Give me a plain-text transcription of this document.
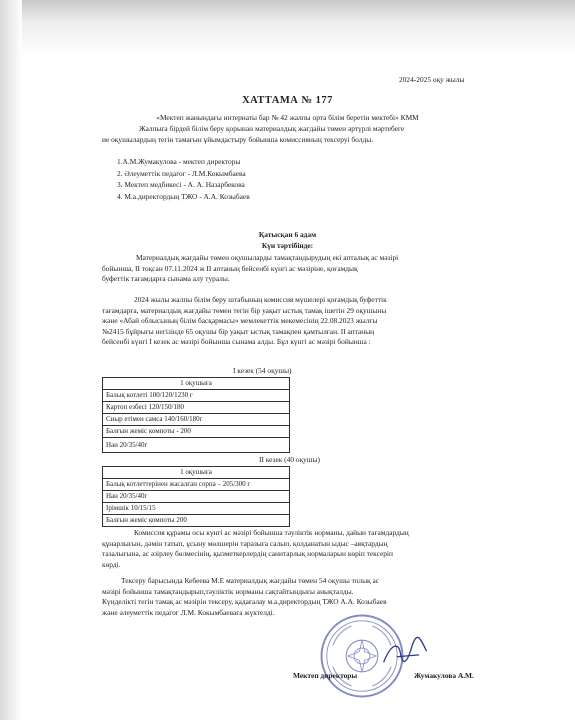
2024-2025 оқу жылы
ХАТТАМА № 177
«Мектеп жанындағы интернаты бар № 42 жалпы орта білім беретін мектебі» КММ
Жалпыға бірдей білім беру қорынан материалдық жағдайы төмен әртүрлі мәртебеге
ие оқушылардың тегін тамағын ұйымдастыру бойынша комиссияның тексеруі болды.
1.А.М.Жумакулова - мектеп директоры
2. Әлеуметтік педагог - Л.М.Кокымбаева
3. Мектеп медбикесі - А. А. Назарбекова
4. М.а.директордың ТЖО - А.А. Козыбаев
Қатысқан 6 адам
Күн тәртібінде:
Материалдық жағдайы төмен оқушыларды тамақтандырудың екі апталық ас мәзірі
бойынша, II тоқсан 07.11.2024 ж II аптаның бейсенбі күнгі ас мәзіріне, қоғамдық
буфеттік тағамдарға сынама алу туралы.
2024 жылы жалпы білім беру штабының комиссия мүшелері қоғамдық буфеттік
тағамдарға, материалдық жағдайы төмен тегін бір уақыт ыстық тамақ ішетін 29 оқушыны
және «Абай облысының білім басқармасы» мемлекеттік мекемесінің 22.08.2023 жылғы
№2415 бұйрығы негізінде 65 оқушы бір уақыт ыстық тамақпен қамтылған. II аптаның
бейсенбі күнгі I кезек ас мәзірі бойынша сынама алды. Бұл күнгі ас мәзірі бойынша :
I кезек (54 оқушы)
1 оқушыға
Балық котлеті 100/120/1230 г
Картоп езбесі 120/150/180
Сиыр етімен самса 140/160/180г
Балғын жеміс компоты - 200
Нан 20/35/40г
II кезек (40 оқушы)
1 оқушыға
Балық котлеттерінен жасалған сорпа – 205/300 г
Нан 20/35/40г
Ірімшік 10/15/15
Балғын жеміс компоты 200
Комиссия құрамы осы күнгі ас мәзірі бойынша тәуліктік норманы, дайын тағамдардың
құнарлығын, дәмін татып, ұсыну мөлшерін таразыға салып, қолданатын ыдыс –аяқтардың
тазалығына, ас әзірлеу бөлмесінің, қызметкерлердің санитарлық нормаларын көріп тексеріп
көрді.
Тексеру барысында Кебеева М.Е материалдық жағдайы төмен 54 оқушы толық ас
мәзірі бойынша тамақтандырып,тәуліктік норманы сақтайтындығы анықталды.
Күнделікті тегін тамақ ас мәзірін тексеру, қадағалау м.а.директордың ТЖО А.А. Козыбаев
және әлеуметтік педагог Л.М. Кокымбаеваға жүктелді.
Мектеп директоры	Жумакулова А.М.
